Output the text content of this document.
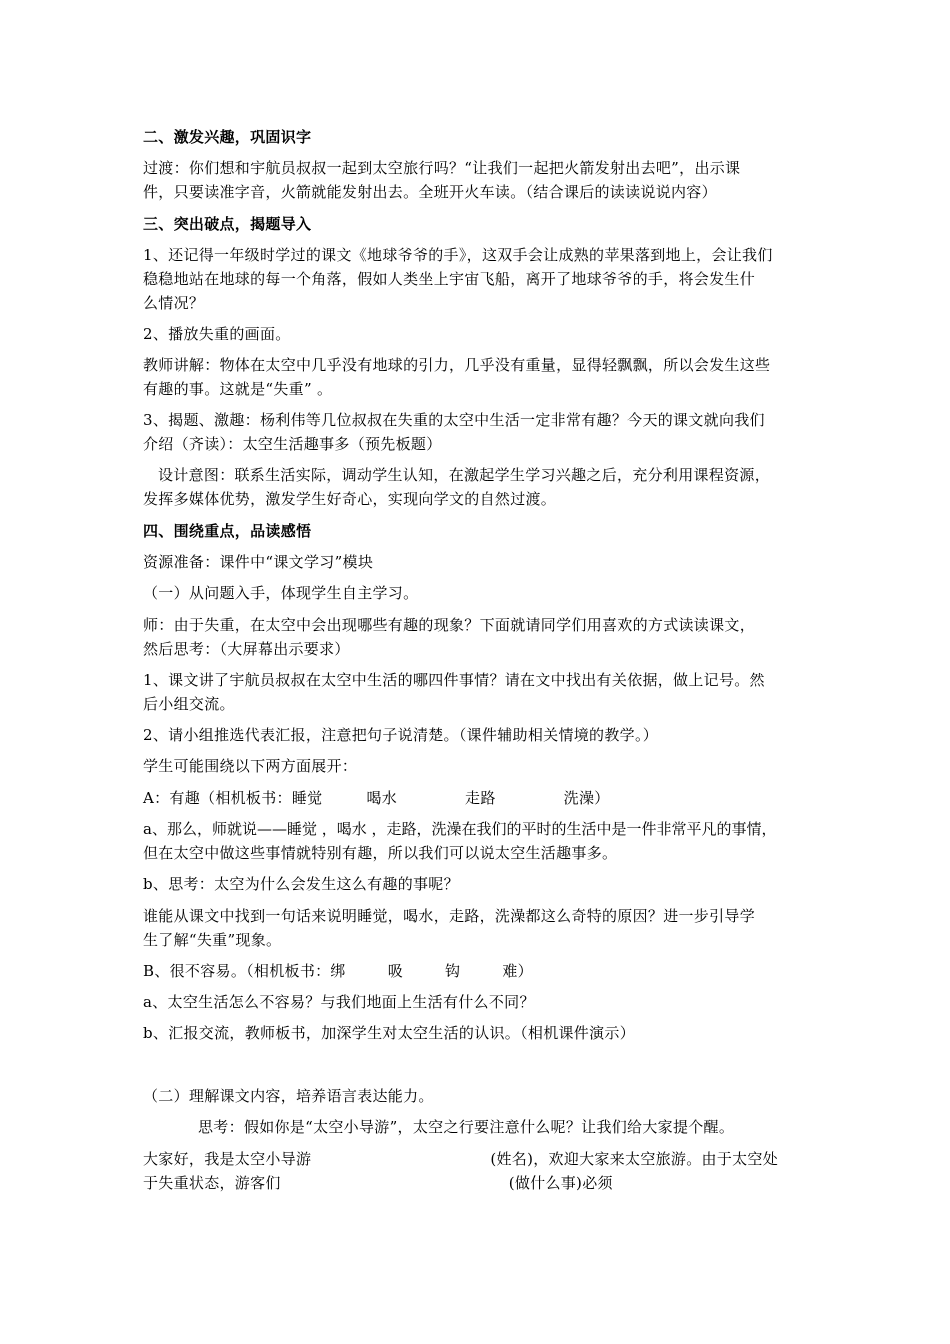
二、激发兴趣，巩固识字
过渡：你们想和宇航员叔叔一起到太空旅行吗？“让我们一起把火箭发射出去吧”，出示课
件，只要读准字音，火箭就能发射出去。全班开火车读。（结合课后的读读说说内容）
三、突出破点，揭题导入
1、还记得一年级时学过的课文《地球爷爷的手》，这双手会让成熟的苹果落到地上，会让我们
稳稳地站在地球的每一个角落，假如人类坐上宇宙飞船，离开了地球爷爷的手，将会发生什
么情况？
2、播放失重的画面。
教师讲解：物体在太空中几乎没有地球的引力，几乎没有重量，显得轻飘飘，所以会发生这些
有趣的事。这就是“失重” 。
3、揭题、激趣：杨利伟等几位叔叔在失重的太空中生活一定非常有趣？今天的课文就向我们
介绍（齐读）：太空生活趣事多（预先板题）
设计意图：联系生活实际，调动学生认知，在激起学生学习兴趣之后，充分利用课程资源，
发挥多媒体优势，激发学生好奇心，实现向学文的自然过渡。
四、围绕重点，品读感悟
资源准备：课件中“课文学习”模块
（一）从问题入手，体现学生自主学习。
师：由于失重，在太空中会出现哪些有趣的现象？下面就请同学们用喜欢的方式读读课文，
然后思考：（大屏幕出示要求）
1、课文讲了宇航员叔叔在太空中生活的哪四件事情？请在文中找出有关依据，做上记号。然
后小组交流。
2、请小组推选代表汇报，注意把句子说清楚。（课件辅助相关情境的教学。）
学生可能围绕以下两方面展开：
A：有趣（相机板书：睡觉	喝水	走路	洗澡）
a、那么，师就说——睡觉 ，喝水 ，走路，洗澡在我们的平时的生活中是一件非常平凡的事情，
但在太空中做这些事情就特别有趣，所以我们可以说太空生活趣事多。
b、思考：太空为什么会发生这么有趣的事呢？
谁能从课文中找到一句话来说明睡觉，喝水，走路，洗澡都这么奇特的原因？进一步引导学
生了解“失重”现象。
B、很不容易。（相机板书：绑	吸	钩	难）
a、太空生活怎么不容易？与我们地面上生活有什么不同？
b、汇报交流，教师板书，加深学生对太空生活的认识。（相机课件演示）
（二）理解课文内容，培养语言表达能力。
思考：假如你是“太空小导游”，太空之行要注意什么呢？让我们给大家提个醒。
大家好，我是太空小导游	(姓名)，欢迎大家来太空旅游。由于太空处
于失重状态，游客们	(做什么事)必须
